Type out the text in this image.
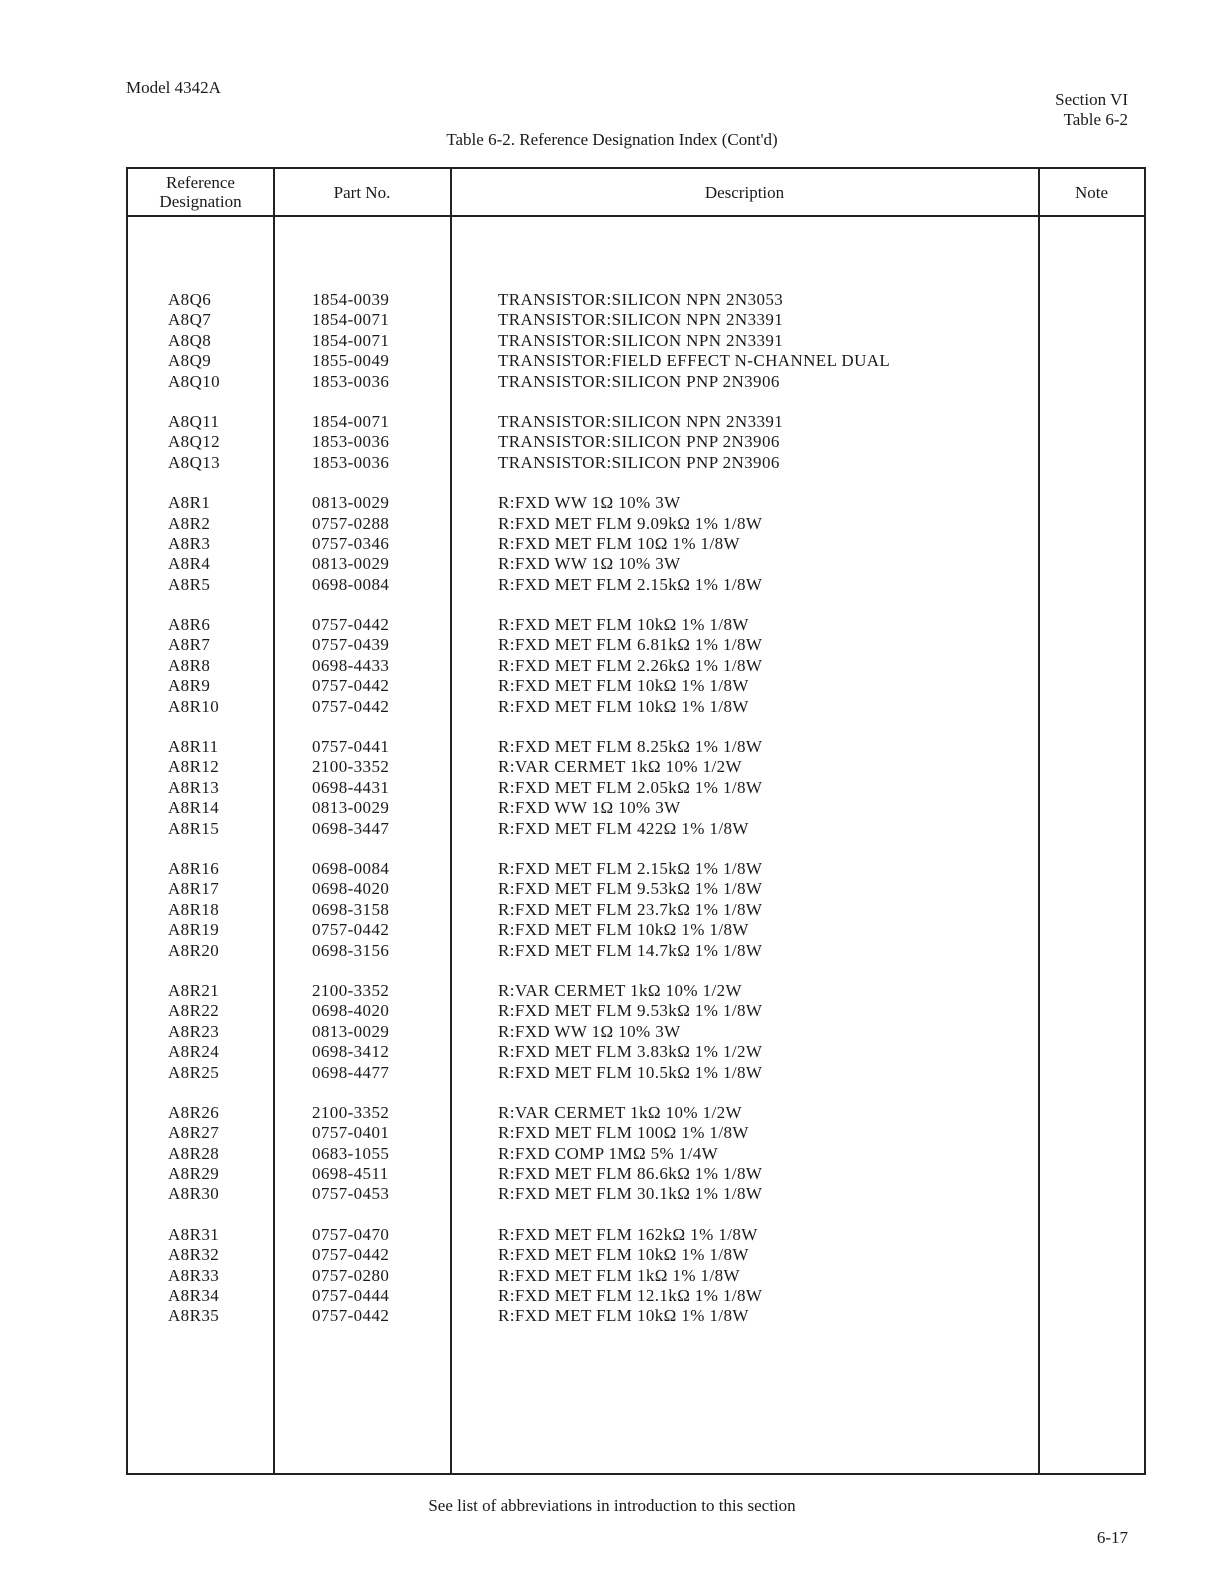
Model 4342A
Section VI
Table 6-2
Table 6-2. Reference Designation Index (Cont'd)
Reference
Designation	Part No.	Description	Note
A8Q6	1854-0039	TRANSISTOR:SILICON NPN 2N3053
A8Q7	1854-0071	TRANSISTOR:SILICON NPN 2N3391
A8Q8	1854-0071	TRANSISTOR:SILICON NPN 2N3391
A8Q9	1855-0049	TRANSISTOR:FIELD EFFECT N-CHANNEL DUAL
A8Q10	1853-0036	TRANSISTOR:SILICON PNP 2N3906
A8Q11	1854-0071	TRANSISTOR:SILICON NPN 2N3391
A8Q12	1853-0036	TRANSISTOR:SILICON PNP 2N3906
A8Q13	1853-0036	TRANSISTOR:SILICON PNP 2N3906
A8R1	0813-0029	R:FXD WW 1Ω 10% 3W
A8R2	0757-0288	R:FXD MET FLM 9.09kΩ 1% 1/8W
A8R3	0757-0346	R:FXD MET FLM 10Ω 1% 1/8W
A8R4	0813-0029	R:FXD WW 1Ω 10% 3W
A8R5	0698-0084	R:FXD MET FLM 2.15kΩ 1% 1/8W
A8R6	0757-0442	R:FXD MET FLM 10kΩ 1% 1/8W
A8R7	0757-0439	R:FXD MET FLM 6.81kΩ 1% 1/8W
A8R8	0698-4433	R:FXD MET FLM 2.26kΩ 1% 1/8W
A8R9	0757-0442	R:FXD MET FLM 10kΩ 1% 1/8W
A8R10	0757-0442	R:FXD MET FLM 10kΩ 1% 1/8W
A8R11	0757-0441	R:FXD MET FLM 8.25kΩ 1% 1/8W
A8R12	2100-3352	R:VAR CERMET 1kΩ 10% 1/2W
A8R13	0698-4431	R:FXD MET FLM 2.05kΩ 1% 1/8W
A8R14	0813-0029	R:FXD WW 1Ω 10% 3W
A8R15	0698-3447	R:FXD MET FLM 422Ω 1% 1/8W
A8R16	0698-0084	R:FXD MET FLM 2.15kΩ 1% 1/8W
A8R17	0698-4020	R:FXD MET FLM 9.53kΩ 1% 1/8W
A8R18	0698-3158	R:FXD MET FLM 23.7kΩ 1% 1/8W
A8R19	0757-0442	R:FXD MET FLM 10kΩ 1% 1/8W
A8R20	0698-3156	R:FXD MET FLM 14.7kΩ 1% 1/8W
A8R21	2100-3352	R:VAR CERMET 1kΩ 10% 1/2W
A8R22	0698-4020	R:FXD MET FLM 9.53kΩ 1% 1/8W
A8R23	0813-0029	R:FXD WW 1Ω 10% 3W
A8R24	0698-3412	R:FXD MET FLM 3.83kΩ 1% 1/2W
A8R25	0698-4477	R:FXD MET FLM 10.5kΩ 1% 1/8W
A8R26	2100-3352	R:VAR CERMET 1kΩ 10% 1/2W
A8R27	0757-0401	R:FXD MET FLM 100Ω 1% 1/8W
A8R28	0683-1055	R:FXD COMP 1MΩ 5% 1/4W
A8R29	0698-4511	R:FXD MET FLM 86.6kΩ 1% 1/8W
A8R30	0757-0453	R:FXD MET FLM 30.1kΩ 1% 1/8W
A8R31	0757-0470	R:FXD MET FLM 162kΩ 1% 1/8W
A8R32	0757-0442	R:FXD MET FLM 10kΩ 1% 1/8W
A8R33	0757-0280	R:FXD MET FLM 1kΩ 1% 1/8W
A8R34	0757-0444	R:FXD MET FLM 12.1kΩ 1% 1/8W
A8R35	0757-0442	R:FXD MET FLM 10kΩ 1% 1/8W
See list of abbreviations in introduction to this section
6-17
